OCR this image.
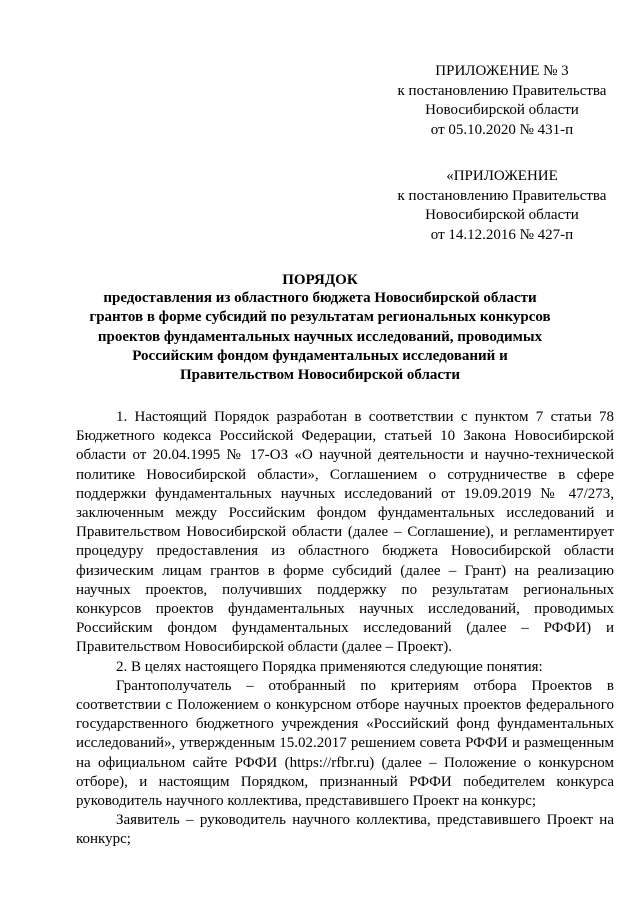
ПРИЛОЖЕНИЕ № 3
к постановлению Правительства
Новосибирской области
от 05.10.2020 № 431-п
«ПРИЛОЖЕНИЕ
к постановлению Правительства
Новосибирской области
от 14.12.2016 № 427-п
ПОРЯДОК
предоставления из областного бюджета Новосибирской области
грантов в форме субсидий по результатам региональных конкурсов
проектов фундаментальных научных исследований, проводимых
Российским фондом фундаментальных исследований и
Правительством Новосибирской области

1. Настоящий Порядок разработан в соответствии с пунктом 7 статьи 78 Бюджетного кодекса Российской Федерации, статьей 10 Закона Новосибирской области от 20.04.1995 № 17-ОЗ «О научной деятельности и научно-технической политике Новосибирской области», Соглашением о сотрудничестве в сфере поддержки фундаментальных научных исследований от 19.09.2019 № 47/273, заключенным между Российским фондом фундаментальных исследований и Правительством Новосибирской области (далее – Соглашение), и регламентирует процедуру предоставления из областного бюджета Новосибирской области физическим лицам грантов в форме субсидий (далее – Грант) на реализацию научных проектов, получивших поддержку по результатам региональных конкурсов проектов фундаментальных научных исследований, проводимых Российским фондом фундаментальных исследований (далее – РФФИ) и Правительством Новосибирской области (далее – Проект).

2. В целях настоящего Порядка применяются следующие понятия:

Грантополучатель – отобранный по критериям отбора Проектов в соответствии с Положением о конкурсном отборе научных проектов федерального государственного бюджетного учреждения «Российский фонд фундаментальных исследований», утвержденным 15.02.2017 решением совета РФФИ и размещенным на официальном сайте РФФИ (https://rfbr.ru) (далее – Положение о конкурсном отборе), и настоящим Порядком, признанный РФФИ победителем конкурса руководитель научного коллектива, представившего Проект на конкурс;

Заявитель – руководитель научного коллектива, представившего Проект на конкурс;
